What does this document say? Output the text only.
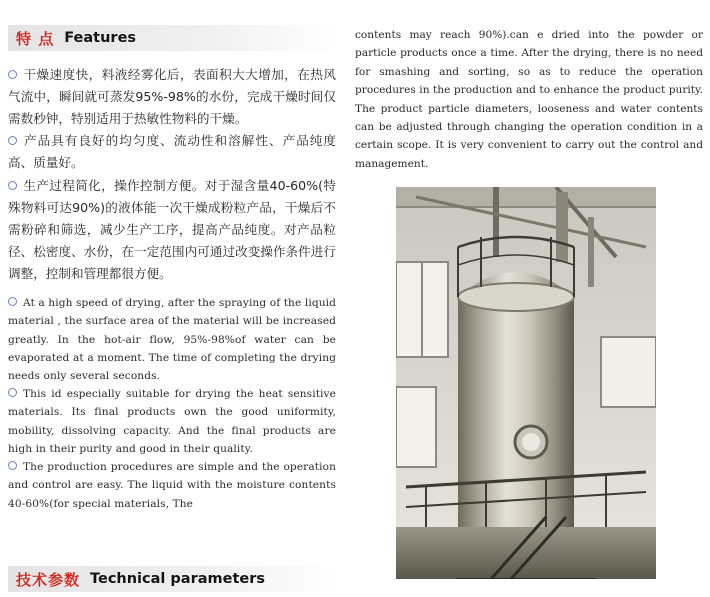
特 点 Features

干燥速度快，料液经雾化后，表面积大大增加，在热风气流中，瞬间就可蒸发95%-98%的水份，完成干燥时间仅需数秒钟，特别适用于热敏性物料的干燥。

产品具有良好的均匀度、流动性和溶解性、产品纯度高、质量好。

生产过程简化，操作控制方便。对于湿含量40-60%(特殊物料可达90%)的液体能一次干燥成粉粒产品，干燥后不需粉碎和筛选，减少生产工序，提高产品纯度。对产品粒径、松密度、水份，在一定范围内可通过改变操作条件进行调整，控制和管理都很方便。

At a high speed of drying, after the spraying of the liquid material , the surface area of the material will be increased greatly. In the hot-air flow, 95%-98%of water can be evaporated at a moment. The time of completing the drying needs only several seconds.

This id especially suitable for drying the heat sensitive materials. Its final products own the good uniformity, mobility, dissolving capacity. And the final products are high in their purity and good in their quality.

The production procedures are simple and the operation and control are easy. The liquid with the moisture contents 40-60%(for special materials, The

contents may reach 90%).can e dried into the powder or particle products once a time. After the drying, there is no need for smashing and sorting, so as to reduce the operation procedures in the production and to enhance the product purity. The product particle diameters, looseness and water contents can be adjusted through changing the operation condition in a certain scope. It is very convenient to carry out the control and management.

技术参数 Technical parameters
